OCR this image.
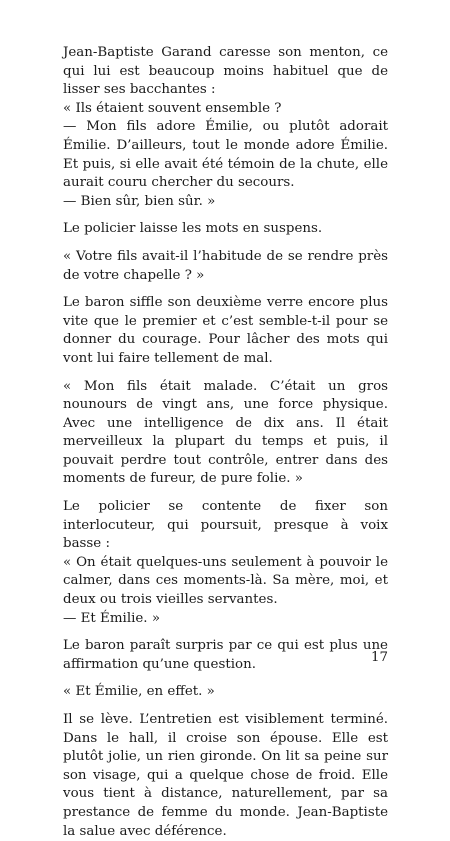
Jean-Baptiste Garand caresse son menton, ce qui lui est beaucoup moins habituel que de lisser ses bacchantes :
« Ils étaient souvent ensemble ?
— Mon fils adore Émilie, ou plutôt adorait Émilie. D’ailleurs, tout le monde adore Émilie. Et puis, si elle avait été témoin de la chute, elle aurait couru chercher du secours.
— Bien sûr, bien sûr. »

Le policier laisse les mots en suspens.

« Votre fils avait-il l’habitude de se rendre près de votre chapelle ? »

Le baron siffle son deuxième verre encore plus vite que le premier et c’est semble-t-il pour se donner du courage. Pour lâcher des mots qui vont lui faire tellement de mal.

« Mon fils était malade. C’était un gros nounours de vingt ans, une force physique. Avec une intelligence de dix ans. Il était merveilleux la plupart du temps et puis, il pouvait perdre tout contrôle, entrer dans des moments de fureur, de pure folie. »

Le policier se contente de fixer son interlocuteur, qui poursuit, presque à voix basse :
« On était quelques-uns seulement à pouvoir le calmer, dans ces moments-là. Sa mère, moi, et deux ou trois vieilles servantes.
— Et Émilie. »

Le baron paraît surpris par ce qui est plus une affirmation qu’une question.

« Et Émilie, en effet. »

Il se lève. L’entretien est visiblement terminé. Dans le hall, il croise son épouse. Elle est plutôt jolie, un rien gironde. On lit sa peine sur son visage, qui a quelque chose de froid. Elle vous tient à distance, naturellement, par sa prestance de femme du monde. Jean-Baptiste la salue avec déférence.

17
